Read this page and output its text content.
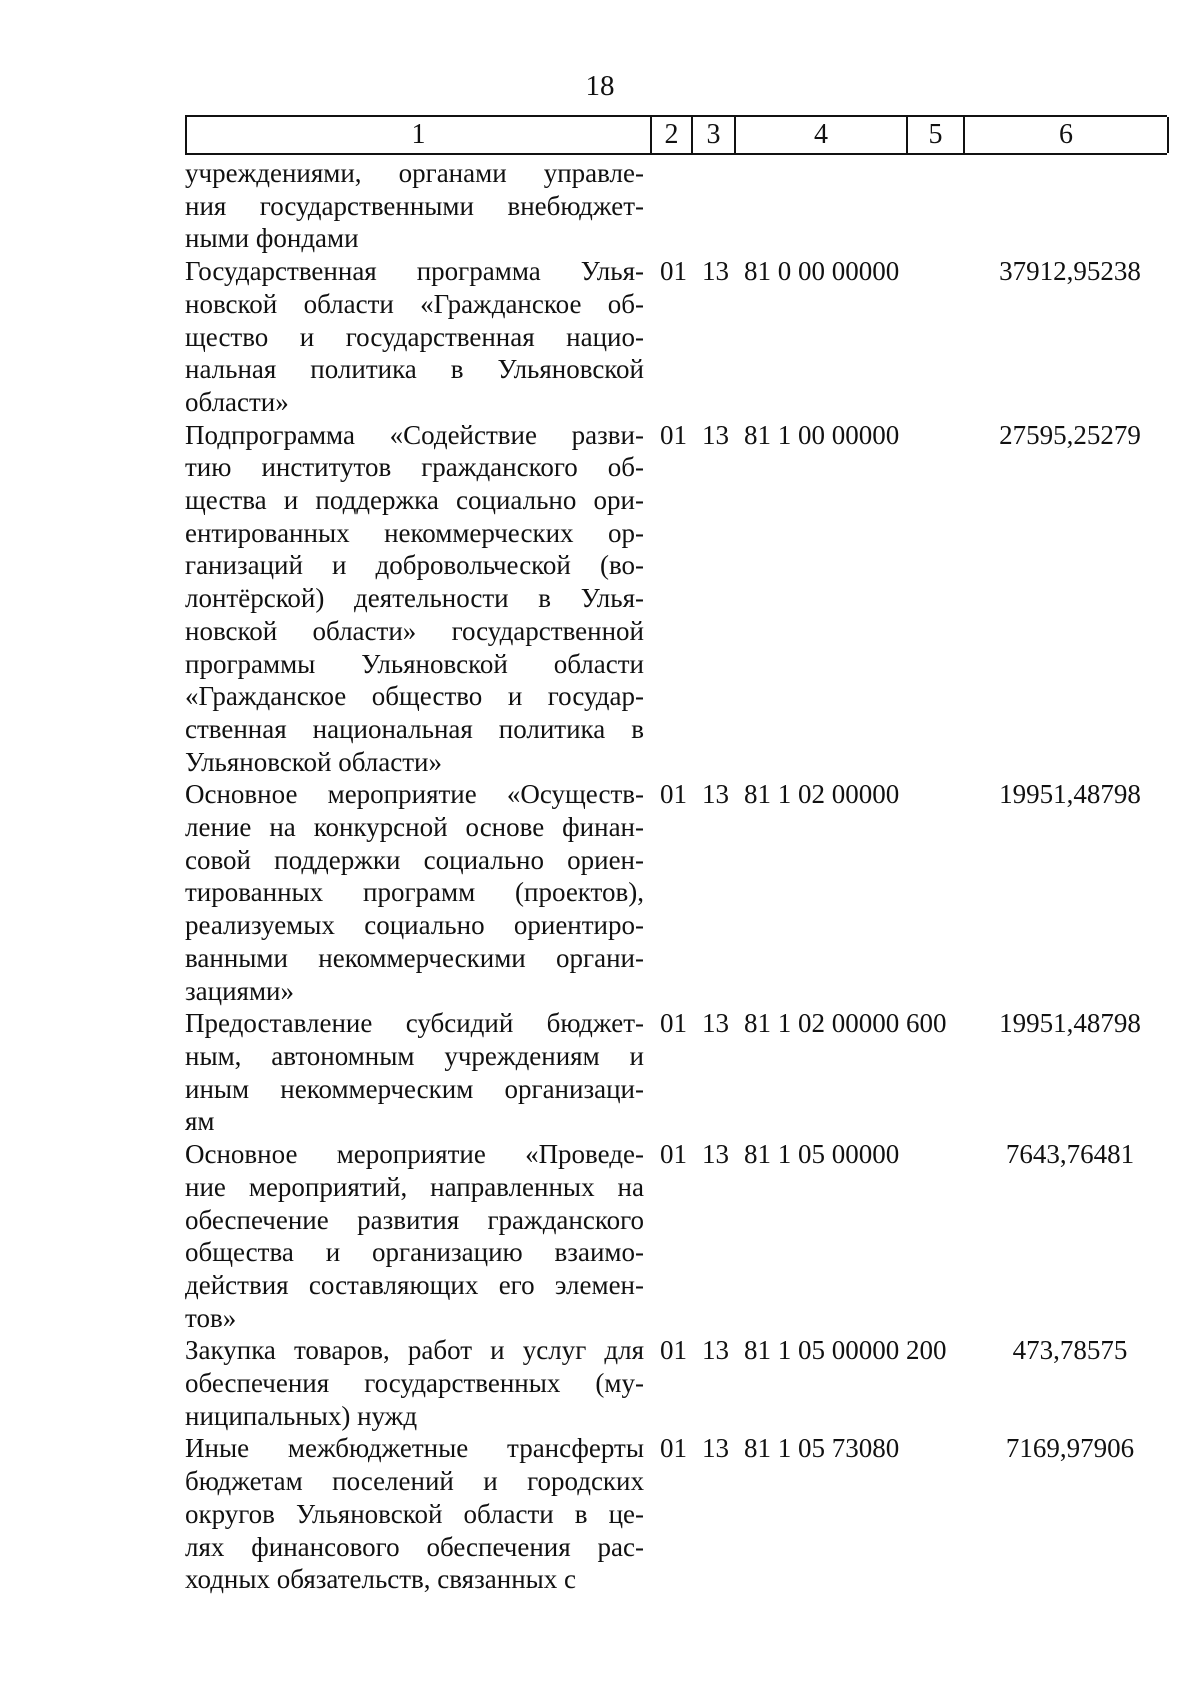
18
1	2	3	4	5	6
учреждениями, органами управле-
ния государственными внебюджет-
ными фондами
Государственная программа Улья-
новской области «Гражданское об-
щество и государственная нацио-
нальная политика в Ульяновской
области»
01 13 81 0 00 00000	37912,95238
Подпрограмма «Содействие разви-
тию институтов гражданского об-
щества и поддержка социально ори-
ентированных некоммерческих ор-
ганизаций и добровольческой (во-
лонтёрской) деятельности в Улья-
новской области» государственной
программы Ульяновской области
«Гражданское общество и государ-
ственная национальная политика в
Ульяновской области»
01 13 81 1 00 00000	27595,25279
Основное мероприятие «Осуществ-
ление на конкурсной основе финан-
совой поддержки социально ориен-
тированных программ (проектов),
реализуемых социально ориентиро-
ванными некоммерческими органи-
зациями»
01 13 81 1 02 00000	19951,48798
Предоставление субсидий бюджет-
ным, автономным учреждениям и
иным некоммерческим организаци-
ям
01 13 81 1 02 00000 600	19951,48798
Основное мероприятие «Проведе-
ние мероприятий, направленных на
обеспечение развития гражданского
общества и организацию взаимо-
действия составляющих его элемен-
тов»
01 13 81 1 05 00000	7643,76481
Закупка товаров, работ и услуг для
обеспечения государственных (му-
ниципальных) нужд
01 13 81 1 05 00000 200	473,78575
Иные межбюджетные трансферты
бюджетам поселений и городских
округов Ульяновской области в це-
лях финансового обеспечения рас-
ходных обязательств, связанных с
01 13 81 1 05 73080	7169,97906
